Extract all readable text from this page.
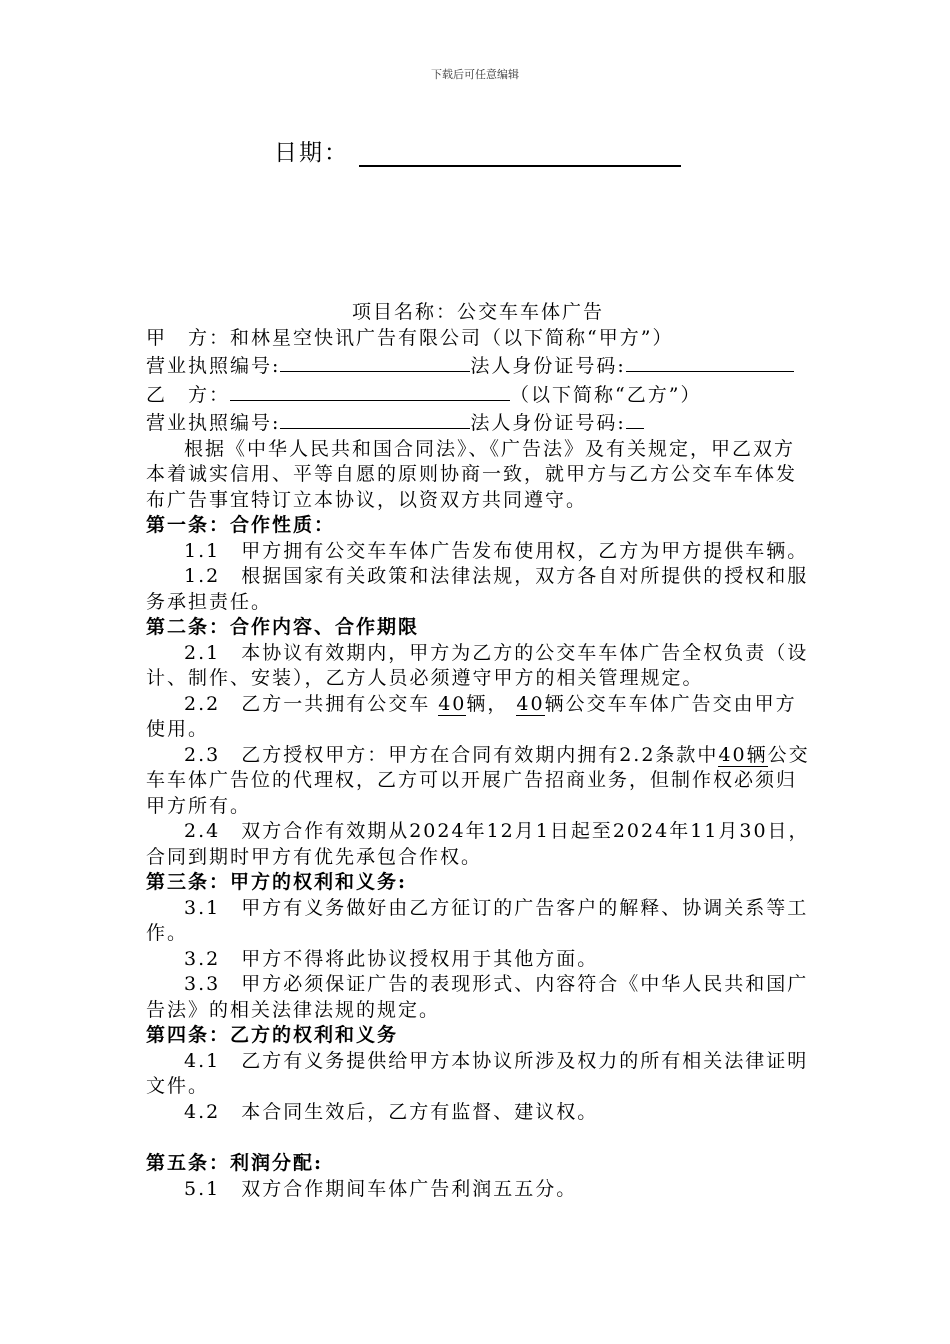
下载后可任意编辑
日期：

项目名称：公交车车体广告

甲　方：和林星空快讯广告有限公司（以下简称“甲方”）
营业执照编号:	法人身份证号码:
乙　方：	（以下简称“乙方”）
营业执照编号:	法人身份证号码:

根据《中华人民共和国合同法》、《广告法》及有关规定，甲乙双方本着诚实信用、平等自愿的原则协商一致，就甲方与乙方公交车车体发布广告事宜特订立本协议，以资双方共同遵守。

第一条：合作性质：

1.1　甲方拥有公交车车体广告发布使用权，乙方为甲方提供车辆。

1.2　根据国家有关政策和法律法规，双方各自对所提供的授权和服务承担责任。

第二条：合作内容、合作期限

2.1　本协议有效期内，甲方为乙方的公交车车体广告全权负责（设计、制作、安装），乙方人员必须遵守甲方的相关管理规定。

2.2　乙方一共拥有公交车 40辆， 40辆公交车车体广告交由甲方使用。

2.3　乙方授权甲方：甲方在合同有效期内拥有2.2条款中40辆公交车车体广告位的代理权，乙方可以开展广告招商业务，但制作权必须归甲方所有。

2.4　双方合作有效期从2024年12月1日起至2024年11月30日，合同到期时甲方有优先承包合作权。

第三条：甲方的权利和义务:

3.1　甲方有义务做好由乙方征订的广告客户的解释、协调关系等工作。

3.2　甲方不得将此协议授权用于其他方面。

3.3　甲方必须保证广告的表现形式、内容符合《中华人民共和国广告法》的相关法律法规的规定。

第四条：乙方的权利和义务

4.1　乙方有义务提供给甲方本协议所涉及权力的所有相关法律证明文件。

4.2　本合同生效后，乙方有监督、建议权。

第五条：利润分配:

5.1　双方合作期间车体广告利润五五分。
